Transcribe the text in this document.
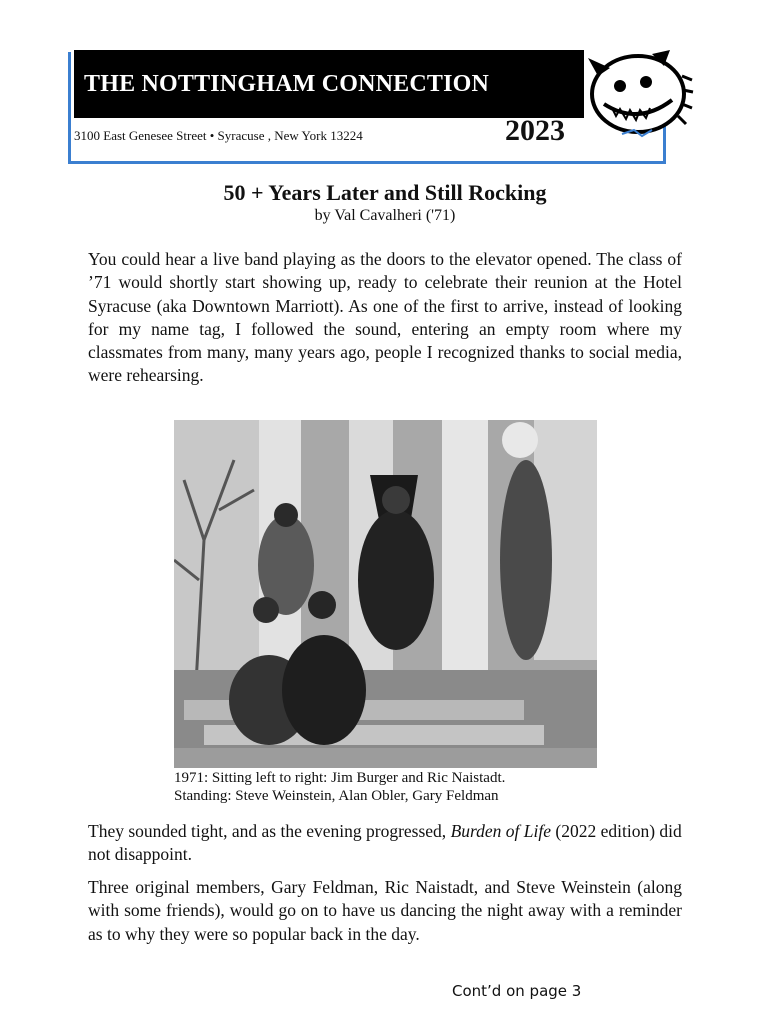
THE NOTTINGHAM CONNECTION
3100 East Genesee Street • Syracuse , New York 13224	2023
50 + Years Later and Still Rocking
by Val Cavalheri ('71)
You could hear a live band playing as the doors to the elevator opened. The class of ’71 would shortly start showing up, ready to celebrate their reunion at the Hotel Syracuse (aka Downtown Marriott). As one of the first to arrive, instead of looking for my name tag, I followed the sound, entering an empty room where my classmates from many, many years ago, people I recognized thanks to social media, were rehearsing.
1971: Sitting left to right: Jim Burger and Ric Naistadt.
Standing: Steve Weinstein, Alan Obler, Gary Feldman
They sounded tight, and as the evening progressed, Burden of Life (2022 edition) did not disappoint.
Three original members, Gary Feldman, Ric Naistadt, and Steve Weinstein (along with some friends), would go on to have us dancing the night away with a reminder as to why they were so popular back in the day.
Cont’d on page 3
